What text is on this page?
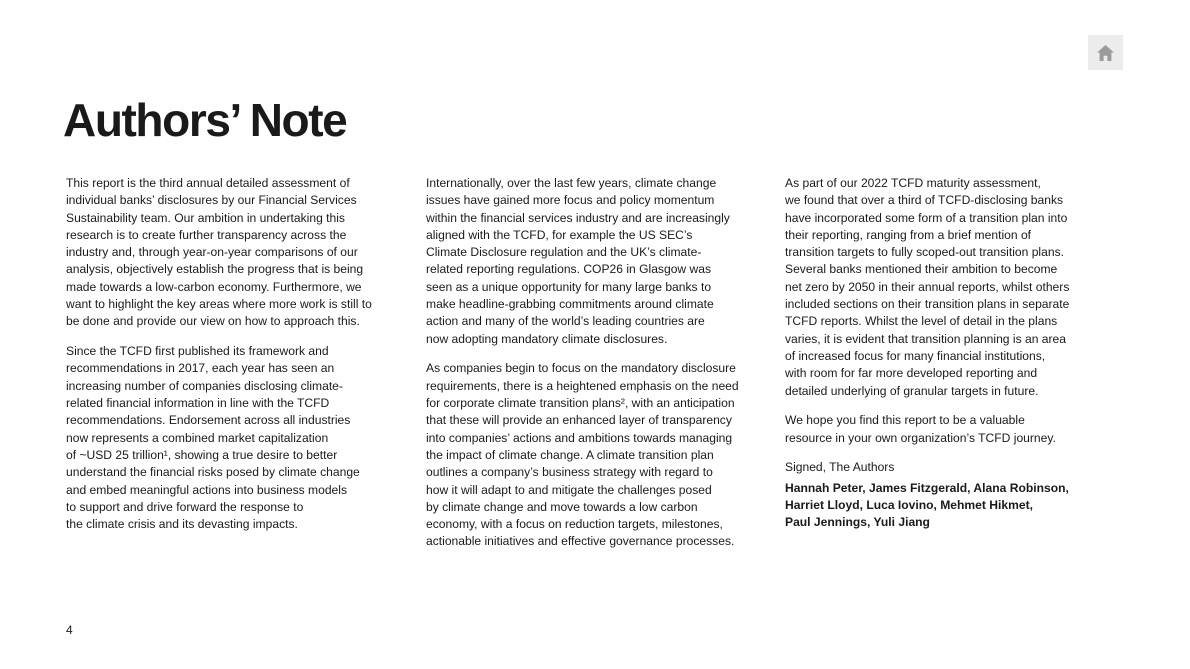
Authors’ Note

This report is the third annual detailed assessment of
individual banks’ disclosures by our Financial Services
Sustainability team. Our ambition in undertaking this
research is to create further transparency across the
industry and, through year-on-year comparisons of our
analysis, objectively establish the progress that is being
made towards a low-carbon economy. Furthermore, we
want to highlight the key areas where more work is still to
be done and provide our view on how to approach this.

Since the TCFD first published its framework and
recommendations in 2017, each year has seen an
increasing number of companies disclosing climate-
related financial information in line with the TCFD
recommendations. Endorsement across all industries
now represents a combined market capitalization
of ~USD 25 trillion¹, showing a true desire to better
understand the financial risks posed by climate change
and embed meaningful actions into business models
to support and drive forward the response to
the climate crisis and its devasting impacts.

Internationally, over the last few years, climate change
issues have gained more focus and policy momentum
within the financial services industry and are increasingly
aligned with the TCFD, for example the US SEC’s
Climate Disclosure regulation and the UK’s climate-
related reporting regulations. COP26 in Glasgow was
seen as a unique opportunity for many large banks to
make headline-grabbing commitments around climate
action and many of the world’s leading countries are
now adopting mandatory climate disclosures.

As companies begin to focus on the mandatory disclosure
requirements, there is a heightened emphasis on the need
for corporate climate transition plans², with an anticipation
that these will provide an enhanced layer of transparency
into companies’ actions and ambitions towards managing
the impact of climate change. A climate transition plan
outlines a company’s business strategy with regard to
how it will adapt to and mitigate the challenges posed
by climate change and move towards a low carbon
economy, with a focus on reduction targets, milestones,
actionable initiatives and effective governance processes.

As part of our 2022 TCFD maturity assessment,
we found that over a third of TCFD-disclosing banks
have incorporated some form of a transition plan into
their reporting, ranging from a brief mention of
transition targets to fully scoped-out transition plans.
Several banks mentioned their ambition to become
net zero by 2050 in their annual reports, whilst others
included sections on their transition plans in separate
TCFD reports. Whilst the level of detail in the plans
varies, it is evident that transition planning is an area
of increased focus for many financial institutions,
with room for far more developed reporting and
detailed underlying of granular targets in future.

We hope you find this report to be a valuable
resource in your own organization’s TCFD journey.

Signed, The Authors

Hannah Peter, James Fitzgerald, Alana Robinson,
Harriet Lloyd, Luca Iovino, Mehmet Hikmet,
Paul Jennings, Yuli Jiang

4
